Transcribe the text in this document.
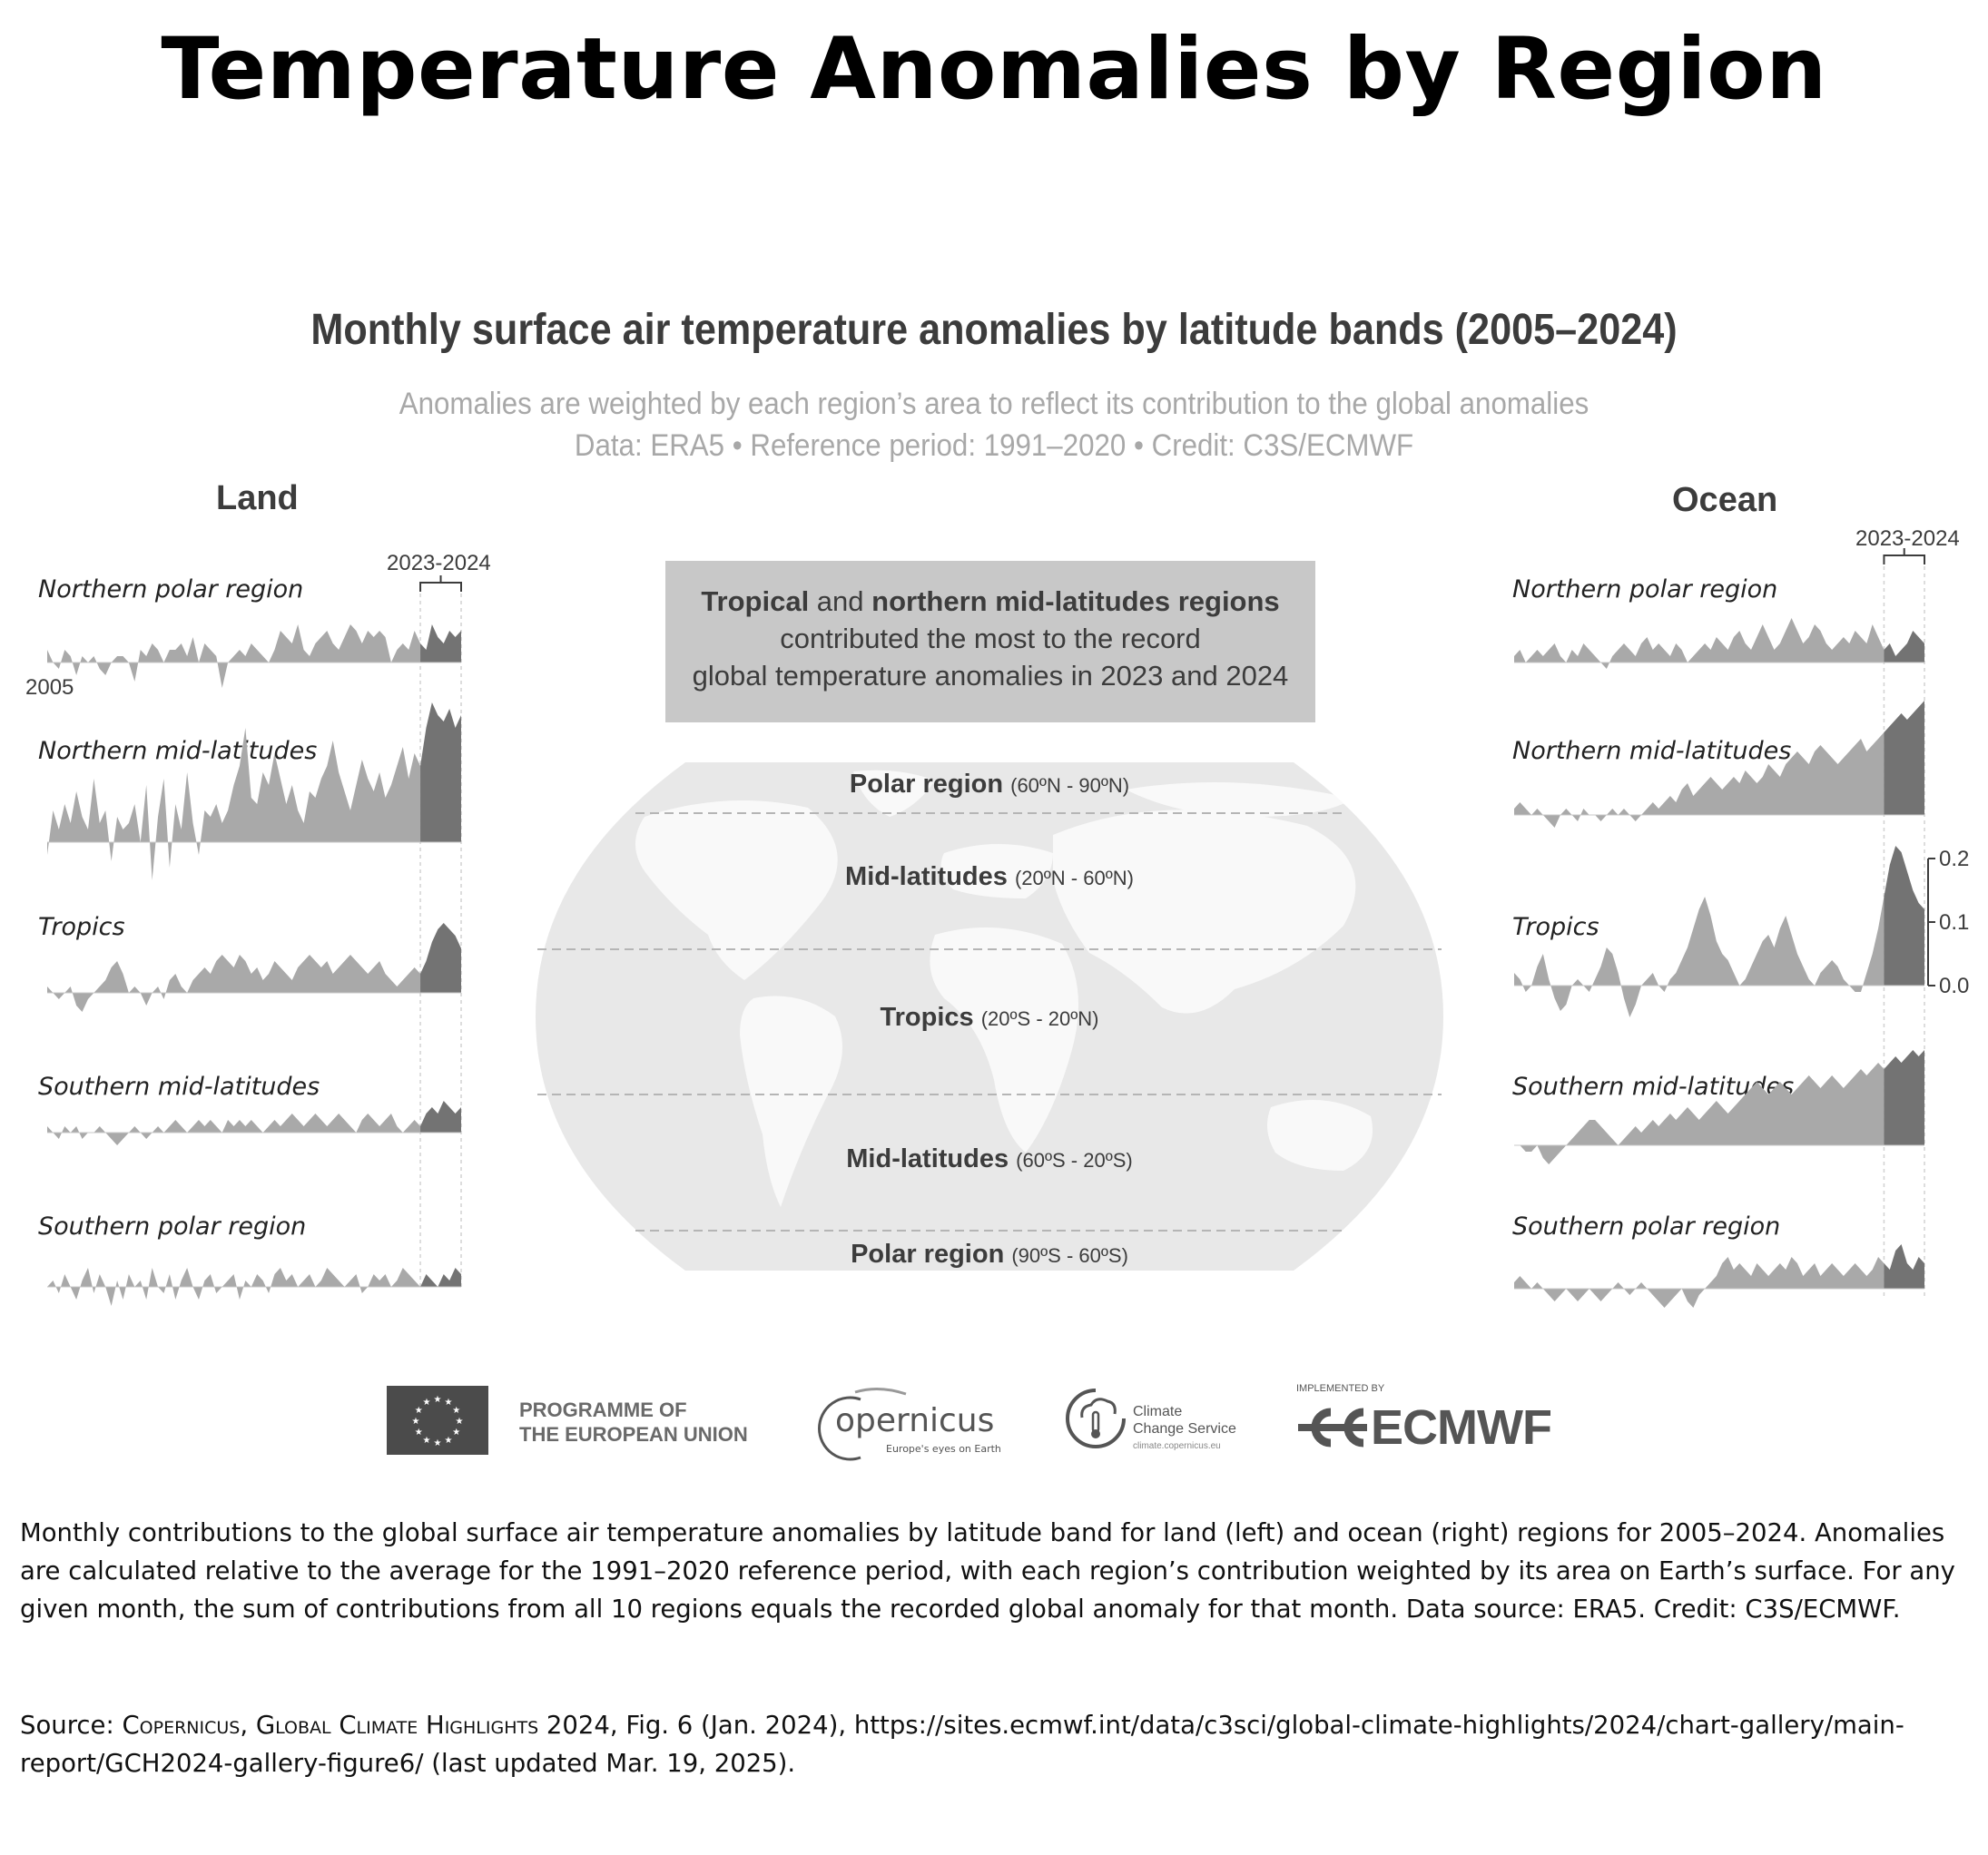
Temperature Anomalies by Region
Monthly surface air temperature anomalies by latitude bands (2005–2024)
Anomalies are weighted by each region’s area to reflect its contribution to the global anomalies
Data: ERA5 • Reference period: 1991–2020 • Credit: C3S/ECMWF
Land	Ocean
2023-2024
2023-2024
2005
Tropical and northern mid-latitudes regions
contributed the most to the record
global temperature anomalies in 2023 and 2024
Polar region (60ºN - 90ºN)
Mid-latitudes (20ºN - 60ºN)
Tropics (20ºS - 20ºN)
Mid-latitudes (60ºS - 20ºS)
Polar region (90ºS - 60ºS)
Northern polar region
Northern mid-latitudes
Tropics
Southern mid-latitudes
Southern polar region
Northern polar region
Northern mid-latitudes
Tropics
Southern mid-latitudes
Southern polar region
0.2
0.1
0.0
★
★
★
★
★
★
★
★
★ ★ ★
★	PROGRAMME OF
THE EUROPEAN UNION	opernicus
Europe's eyes on Earth
Climate
Change Service
climate.copernicus.eu
IMPLEMENTED BY
ECMWF
Monthly contributions to the global surface air temperature anomalies by latitude band for land (left) and ocean (right) regions for 2005–2024. Anomalies are calculated relative to the average for the 1991–2020 reference period, with each region’s contribution weighted by its area on Earth’s surface. For any given month, the sum of contributions from all 10 regions equals the recorded global anomaly for that month. Data source: ERA5. Credit: C3S/ECMWF.
Source: Copernicus, Global Climate Highlights 2024, Fig. 6 (Jan. 2024), https://sites.ecmwf.int/data/c3sci/global-climate-highlights/2024/chart-gallery/main-report/GCH2024-gallery-figure6/ (last updated Mar. 19, 2025).
